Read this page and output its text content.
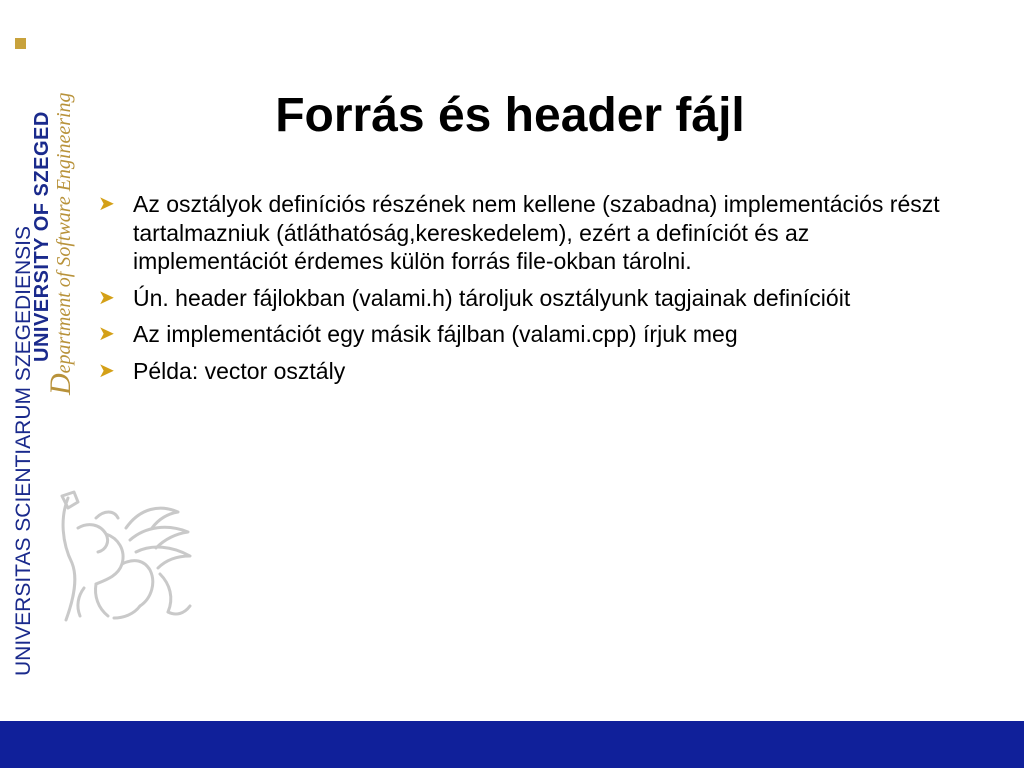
UNIVERSITAS SCIENTIARUM SZEGEDIENSIS
UNIVERSITY OF SZEGED
Department of Software Engineering	Forrás és header fájl
➤ Az osztályok definíciós részének nem kellene (szabadna) implementációs részt tartalmazniuk (átláthatóság,kereskedelem), ezért a definíciót és az implementációt érdemes külön forrás file-okban tárolni.
➤ Ún. header fájlokban (valami.h) tároljuk osztályunk tagjainak definícióit
➤ Az implementációt egy másik fájlban (valami.cpp) írjuk meg
➤ Példa: vector osztály
